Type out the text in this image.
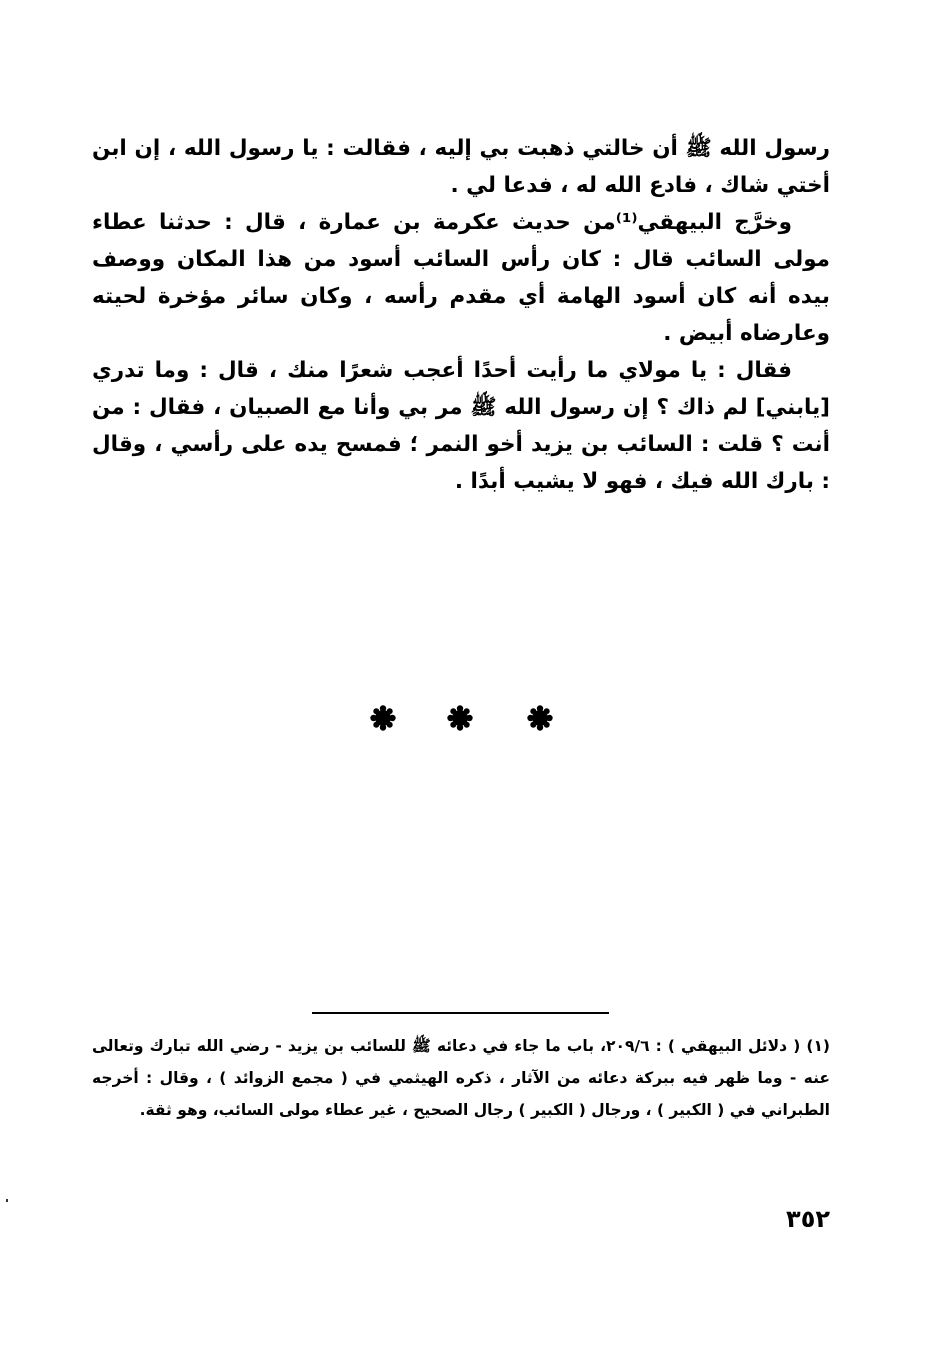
رسول الله ﷺ أن خالتي ذهبت بي إليه ، فقالت : يا رسول الله ، إن ابن أختي شاك ، فادع الله له ، فدعا لي .

وخرَّج البيهقي⁽¹⁾من حديث عكرمة بن عمارة ، قال : حدثنا عطاء مولى السائب قال : كان رأس السائب أسود من هذا المكان ووصف بيده أنه كان أسود الهامة أي مقدم رأسه ، وكان سائر مؤخرة لحيته وعارضاه أبيض .

فقال : يا مولاي ما رأيت أحدًا أعجب شعرًا منك ، قال : وما تدري [يابني] لم ذاك ؟ إن رسول الله ﷺ مر بي وأنا مع الصبيان ، فقال : من أنت ؟ قلت : السائب بن يزيد أخو النمر ؛ فمسح يده على رأسي ، وقال : بارك الله فيك ، فهو لا يشيب أبدًا .

(١) ( دلائل البيهقي ) : ٢٠٩/٦، باب ما جاء في دعائه ﷺ للسائب بن يزيد - رضي الله تبارك وتعالى عنه - وما ظهر فيه ببركة دعائه من الآثار ، ذكره الهيثمي في ( مجمع الزوائد ) ، وقال : أخرجه الطبراني في ( الكبير ) ، ورجال ( الكبير ) رجال الصحيح ، غير عطاء مولى السائب، وهو ثقة.

٣٥٢
